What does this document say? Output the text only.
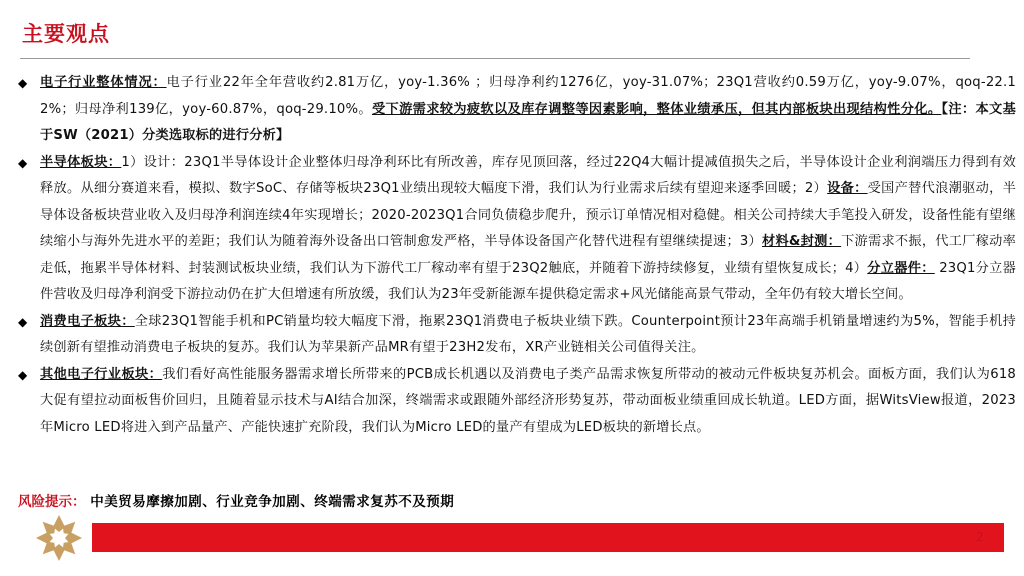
主要观点
◆ 电子行业整体情况：电子行业22年全年营收约2.81万亿，yoy-1.36% ；归母净利约1276亿，yoy-31.07%；23Q1营收约0.59万亿，yoy-9.07%，qoq-22.12%；归母净利139亿，yoy-60.87%，qoq-29.10%。受下游需求较为疲软以及库存调整等因素影响，整体业绩承压，但其内部板块出现结构性分化。【注：本文基于SW（2021）分类选取标的进行分析】
◆ 半导体板块：1）设计：23Q1半导体设计企业整体归母净利环比有所改善，库存见顶回落，经过22Q4大幅计提减值损失之后，半导体设计企业利润端压力得到有效释放。从细分赛道来看，模拟、数字SoC、存储等板块23Q1业绩出现较大幅度下滑，我们认为行业需求后续有望迎来逐季回暖；2）设备：受国产替代浪潮驱动，半导体设备板块营业收入及归母净利润连续4年实现增长；2020-2023Q1合同负债稳步爬升，预示订单情况相对稳健。相关公司持续大手笔投入研发，设备性能有望继续缩小与海外先进水平的差距；我们认为随着海外设备出口管制愈发严格，半导体设备国产化替代进程有望继续提速；3）材料&封测：下游需求不振，代工厂稼动率走低，拖累半导体材料、封装测试板块业绩，我们认为下游代工厂稼动率有望于23Q2触底，并随着下游持续修复，业绩有望恢复成长；4）分立器件： 23Q1分立器件营收及归母净利润受下游拉动仍在扩大但增速有所放缓，我们认为23年受新能源车提供稳定需求+风光储能高景气带动，全年仍有较大增长空间。
◆ 消费电子板块：全球23Q1智能手机和PC销量均较大幅度下滑，拖累23Q1消费电子板块业绩下跌。Counterpoint预计23年高端手机销量增速约为5%，智能手机持续创新有望推动消费电子板块的复苏。我们认为苹果新产品MR有望于23H2发布，XR产业链相关公司值得关注。
◆ 其他电子行业板块：我们看好高性能服务器需求增长所带来的PCB成长机遇以及消费电子类产品需求恢复所带动的被动元件板块复苏机会。面板方面，我们认为618大促有望拉动面板售价回归，且随着显示技术与AI结合加深，终端需求或跟随外部经济形势复苏，带动面板业绩重回成长轨道。LED方面，据WitsView报道，2023年Micro LED将进入到产品量产、产能快速扩充阶段，我们认为Micro LED的量产有望成为LED板块的新增长点。
风险提示： 中美贸易摩擦加剧、行业竞争加剧、终端需求复苏不及预期
2
